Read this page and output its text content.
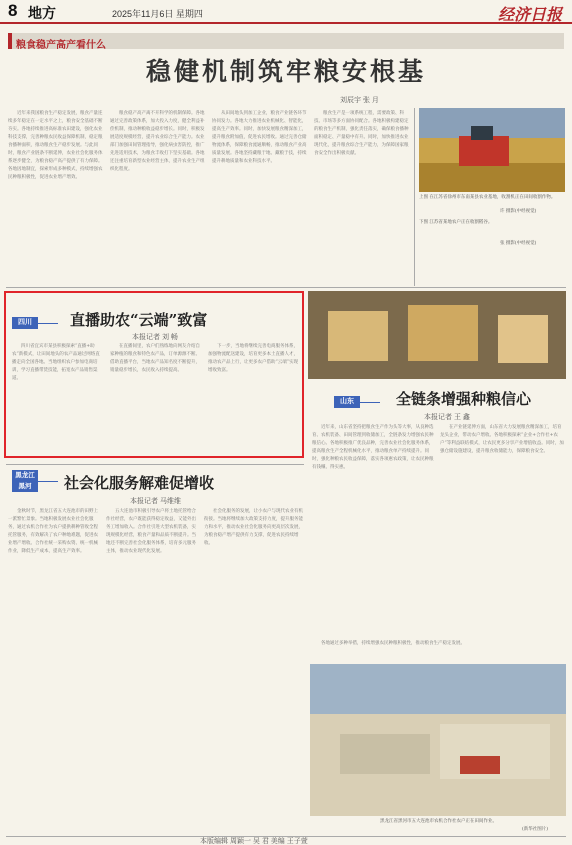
8 地方	2025年11月6日 星期四	经济日报
粮食稳产高产看什么
稳健机制筑牢粮安根基
刘辰宇 张 月

近年来我国粮食生产稳定发展，粮食产量连续多年稳定在一定水平之上，粮食安全基础不断夯实。各地持续推进高标准农田建设，强化农业科技支撑，完善种粮农民收益保障机制，稳定粮食播种面积，推动粮食生产稳步发展。与此同时，粮食产业链条不断延伸，农业社会化服务体系逐步健全，为粮食稳产高产提供了有力保障。各地因地制宜，探索形成多种模式，持续增强农民种粮积极性，促进农业增产增效。

粮食稳产高产离不开科学的机制保障。各地通过完善政策体系，加大投入力度，健全利益补偿机制，推动种粮收益稳步增长。同时，积极发展适度规模经营，提升农业综合生产能力。农业部门加强田间管理指导，强化病虫害防控，推广先进适用技术，为粮食丰收打下坚实基础。各地还注重培育新型农业经营主体，提升农业生产组织化程度。

从田间地头到加工企业，粮食产业链各环节协同发力。各地大力推进农业机械化、智能化，提高生产效率。同时，加快发展粮食精深加工，提升粮食附加值，促进农民增收。通过完善仓储物流体系，保障粮食流通顺畅，推动粮食产业高质量发展。各地坚持藏粮于地、藏粮于技，持续提升耕地质量和农业科技水平。

粮食生产是一项系统工程，需要政策、科技、市场等多方面协同配合。各地积极构建稳定的粮食生产机制，强化责任落实，确保粮食播种面积稳定、产量稳中有升。同时，加快推进农业现代化，提升粮食综合生产能力，为保障国家粮食安全作出积极贡献。

上图 在江苏省徐州市东南某县农业基地，收割机正在田间收割作物。
许 摄影(中经视觉)
下图 江苏省某地农户正在收割稻谷。
张 摄影(中经视觉)
四川	直播助农“云端”致富
本报记者 刘 畅

四川省宜宾市某县积极探索“直播+助农”新模式，让田间地头的农产品通过网络直播走向全国各地。当地组织农户参加电商培训，学习直播带货技能，拓宽农产品销售渠道。

在直播间里，农户们熟练地向网友介绍自家种植的粮食和特色农产品，订单源源不断。借助直播平台，当地农产品知名度不断提升，销量稳步增长，农民收入持续提高。

下一步，当地将继续完善电商服务体系，加强物流配送建设，培育更多本土直播人才，推动农产品上行，让更多农户借助“云端”实现增收致富。

山东	全链条增强种粮信心
本报记者 王 鑫

近年来，山东省坚持把粮食生产作为头等大事，从良种选育、农机装备、田间管理到收储加工，全链条发力增强农民种粮信心。各地积极推广优良品种，完善农业社会化服务体系，提高粮食生产全程机械化水平，推动粮食单产持续提升。同时，强化种粮农民收益保障，落实各项惠农政策，让农民种粮有钱赚、得实惠。

在产业链延伸方面，山东省大力发展粮食精深加工，培育龙头企业，带动农户增收。各地积极探索“企业+合作社+农户”等利益联结模式，让农民更多分享产业增值收益。同时，加强仓储设施建设，提升粮食收储能力，保障粮食安全。

黑龙江
黑河	社会化服务解难促增收
本报记者 马维维

金秋时节，黑龙江省五大连池市的田野上一派繁忙景象。当地积极发展农业社会化服务，通过农机合作社为农户提供耕种管收全程托管服务，有效解决了农户种地难题，促进农业增产增收。合作社统一采购农资、统一机械作业，降低生产成本，提高生产效率。

五大连池市积极引导农户将土地托管给合作社经营，农户既能获得稳定收益，又能外出务工增加收入。合作社引进大型农机装备，实现规模化经营，粮食产量和品质不断提升。当地还不断完善社会化服务体系，培育多元服务主体，推动农业现代化发展。

社会化服务的发展，让小农户与现代农业有机衔接。当地将继续加大政策支持力度，提升服务能力和水平，推动农业社会化服务向更高层次发展，为粮食稳产增产提供有力支撑，促进农民持续增收。

各地通过多种举措，持续增强农民种粮积极性，推动粮食生产稳定发展。

黑龙江省黑河市五大连池市农机合作社农户正在田间作业。
(新华社图片)
本版编辑 周颖一 吴 君 美编 王子萱
